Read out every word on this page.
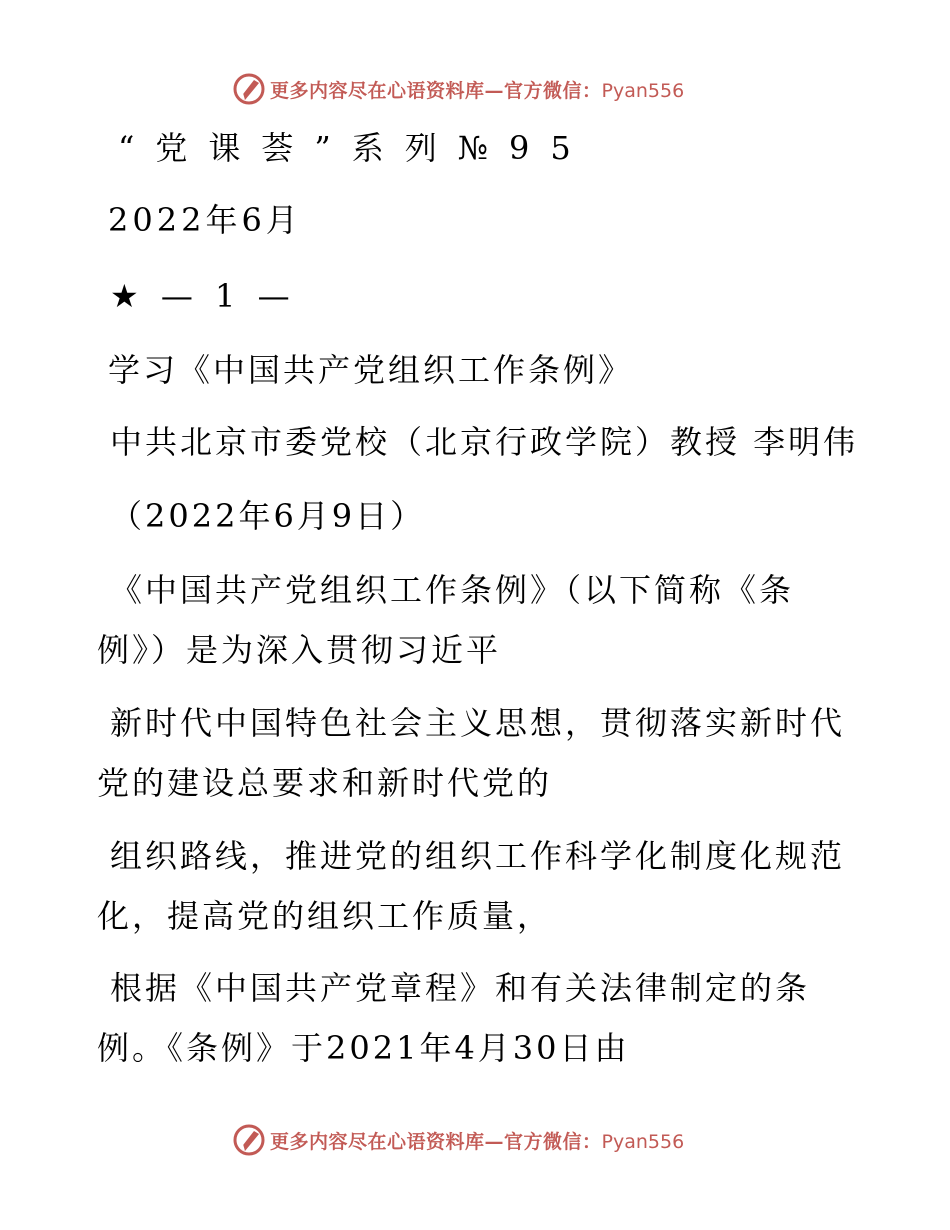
更多内容尽在心语资料库—官方微信：Pyan556
“党课荟”系列№95
2022年6月
★ — 1 —
学习《中国共产党组织工作条例》
中共北京市委党校（北京行政学院）教授 李明伟
（2022年6月9日）
《中国共产党组织工作条例》（以下简称《条
例》）是为深入贯彻习近平
新时代中国特色社会主义思想，贯彻落实新时代
党的建设总要求和新时代党的
组织路线，推进党的组织工作科学化制度化规范
化，提高党的组织工作质量，
根据《中国共产党章程》和有关法律制定的条
例。《条例》于2021年4月30日由
更多内容尽在心语资料库—官方微信：Pyan556
